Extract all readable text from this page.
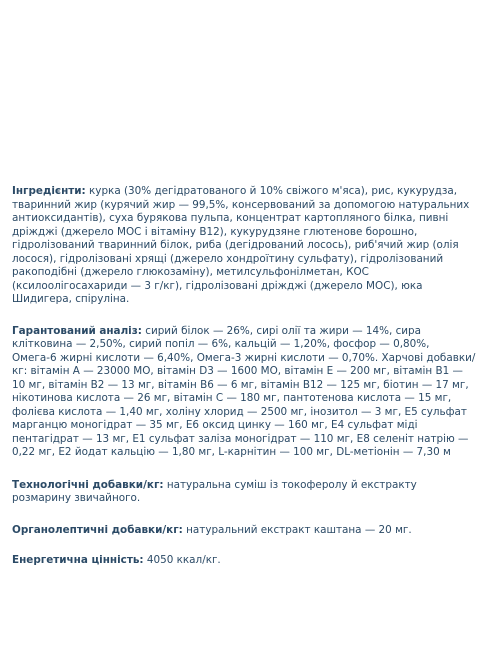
Інгредієнти: курка (30% дегідратованого й 10% свіжого м'яса), рис, кукурудза, тваринний жир (курячий жир — 99,5%, консервований за допомогою натуральних антиоксидантів), суха бурякова пульпа, концентрат картопляного білка, пивні дріжджі (джерело MOC і вітаміну B12), кукурудзяне глютенове борошно, гідролізований тваринний білок, риба (дегідрований лосось), риб'ячий жир (олія лосося), гідролізовані хрящі (джерело хондроїтину сульфату), гідролізований ракоподібні (джерело глюкозаміну), метилсульфонілметан, КОС (ксилоолігосахариди — 3 г/кг), гідролізовані дріжджі (джерело MOC), юка Шидигера, спіруліна.

Гарантований аналіз: сирий білок — 26%, сирі олії та жири — 14%, сира клітковина — 2,50%, сирий попіл — 6%, кальцій — 1,20%, фосфор — 0,80%, Омега-6 жирні кислоти — 6,40%, Омега-3 жирні кислоти — 0,70%. Харчові добавки/кг: вітамін A — 23000 МО, вітамін D3 — 1600 МО, вітамін E — 200 мг, вітамін B1 — 10 мг, вітамін B2 — 13 мг, вітамін B6 — 6 мг, вітамін B12 — 125 мг, біотин — 17 мг, нікотинова кислота — 26 мг, вітамін C — 180 мг, пантотенова кислота — 15 мг, фолієва кислота — 1,40 мг, холіну хлорид — 2500 мг, інозитол — 3 мг, E5 сульфат марганцю моногідрат — 35 мг, E6 оксид цинку — 160 мг, E4 сульфат міді пентагідрат — 13 мг, E1 сульфат заліза моногідрат — 110 мг, E8 селеніт натрію — 0,22 мг, E2 йодат кальцію — 1,80 мг, L-карнітин — 100 мг, DL-метіонін — 7,30 м

Технологічні добавки/кг: натуральна суміш із токоферолу й екстракту розмарину звичайного.

Органолептичні добавки/кг: натуральний екстракт каштана — 20 мг.

Енергетична цінність: 4050 ккал/кг.
